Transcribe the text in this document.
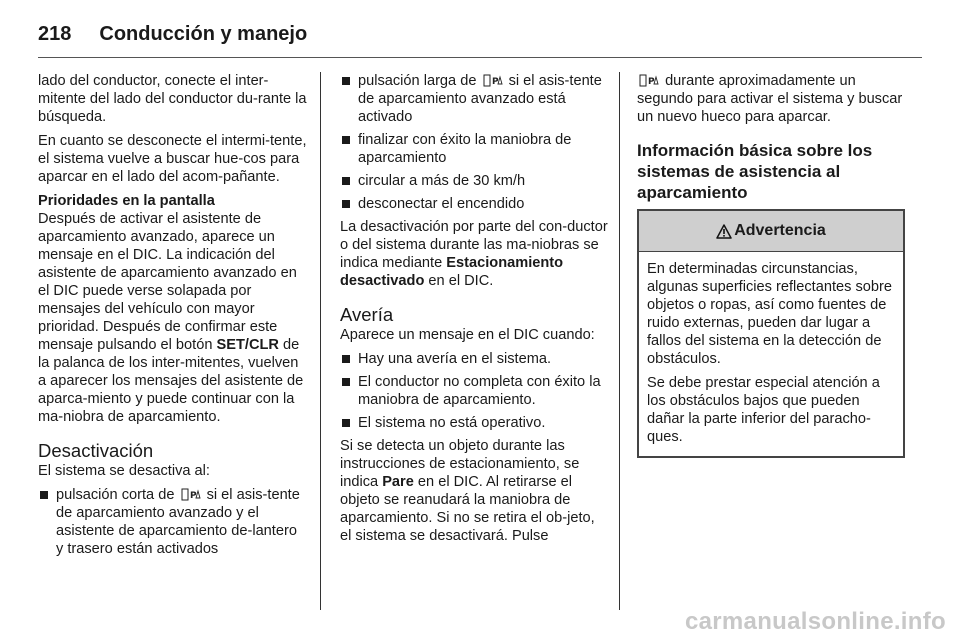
218 Conducción y manejo

lado del conductor, conecte el inter-mitente del lado del conductor du-rante la búsqueda.

En cuanto se desconecte el intermi-tente, el sistema vuelve a buscar hue-cos para aparcar en el lado del acom-pañante.

Prioridades en la pantalla

Después de activar el asistente de aparcamiento avanzado, aparece un mensaje en el DIC. La indicación del asistente de aparcamiento avanzado en el DIC puede verse solapada por mensajes del vehículo con mayor prioridad. Después de confirmar este mensaje pulsando el botón SET/CLR de la palanca de los inter-mitentes, vuelven a aparecer los mensajes del asistente de aparca-miento y puede continuar con la ma-niobra de aparcamiento.

Desactivación

El sistema se desactiva al:

pulsación corta de P si el asis-tente de aparcamiento avanzado y el asistente de aparcamiento de-lantero y trasero están activados
pulsación larga de P si el asis-tente de aparcamiento avanzado está activado
finalizar con éxito la maniobra de aparcamiento
circular a más de 30 km/h
desconectar el encendido

La desactivación por parte del con-ductor o del sistema durante las ma-niobras se indica mediante Estacionamiento desactivado en el DIC.

Avería

Aparece un mensaje en el DIC cuando:

Hay una avería en el sistema.
El conductor no completa con éxito la maniobra de aparcamiento.
El sistema no está operativo.

Si se detecta un objeto durante las instrucciones de estacionamiento, se indica Pare en el DIC. Al retirarse el objeto se reanudará la maniobra de aparcamiento. Si no se retira el ob-jeto, el sistema se desactivará. Pulse

P durante aproximadamente un segundo para activar el sistema y buscar un nuevo hueco para aparcar.

Información básica sobre los sistemas de asistencia al aparcamiento
Advertencia

En determinadas circunstancias, algunas superficies reflectantes sobre objetos o ropas, así como fuentes de ruido externas, pueden dar lugar a fallos del sistema en la detección de obstáculos.

Se debe prestar especial atención a los obstáculos bajos que pueden dañar la parte inferior del paracho-ques.

carmanualsonline.info
